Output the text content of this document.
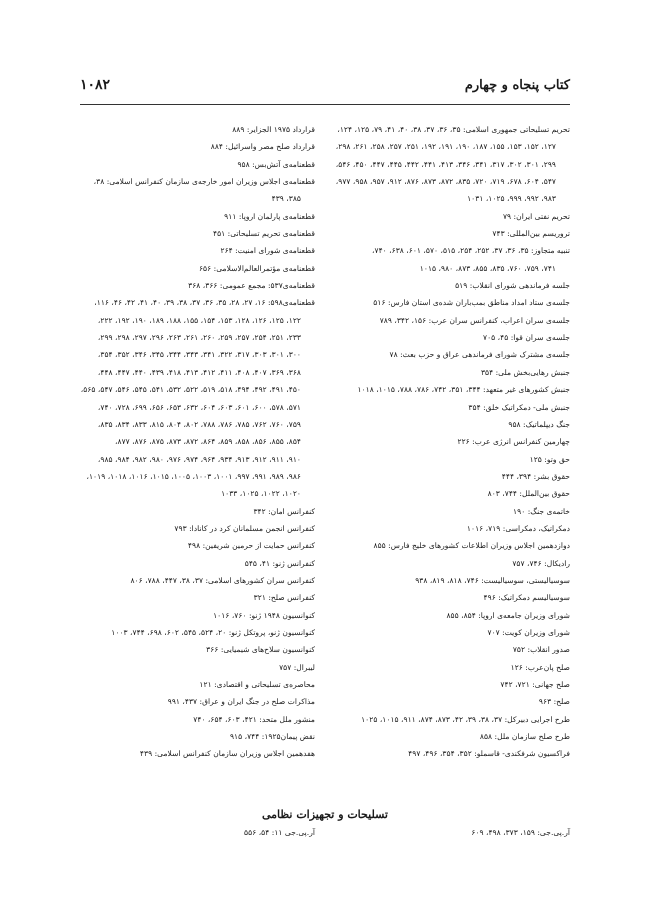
کتاب پنجاه و چهارم
۱۰۸۲
تحریم تسلیحاتی جمهوری اسلامی: ۳۵، ۳۶، ۳۷، ۳۸، ۴۰، ۴۱، ۷۹، ۱۲۵، ۱۲۴،
۱۲۷، ۱۵۲، ۱۵۳، ۱۵۵، ۱۸۷، ۱۹۰، ۱۹۱، ۱۹۲، ۲۵۱، ۲۵۷، ۲۵۸، ۲۶۱، ۲۹۸،
۲۹۹، ۳۰۱، ۳۰۲، ۳۱۷، ۳۴۱، ۳۴۶، ۴۱۳، ۴۴۱، ۴۴۲، ۴۴۵، ۴۴۷، ۴۵۰، ۵۴۶،
۵۴۷، ۶۰۴، ۶۷۸، ۷۱۹، ۷۲۰، ۸۳۵، ۸۷۲، ۸۷۳، ۸۷۶، ۹۱۲، ۹۵۷، ۹۵۸، ۹۷۷،
۹۸۳، ۹۹۲، ۹۹۹، ۱۰۲۵، ۱۰۳۱
تحریم نفتی ایران: ۷۹
تروریسم بین‌المللی: ۷۴۳
تنبیه متجاوز: ۳۵، ۳۶، ۳۷، ۲۵۲، ۲۵۴، ۵۱۵، ۵۷۰، ۶۰۱، ۶۳۸، ۷۴۰،
۷۴۱، ۷۵۹، ۷۶۰، ۸۳۵، ۸۵۵، ۸۷۳، ۹۸۰، ۱۰۱۵
جلسه فرماندهی شورای انقلاب: ۵۱۹
جلسه‌ی ستاد امداد مناطق بمب‌باران شده‌ی استان فارس: ۵۱۶
جلسه‌ی سران اعراب، کنفرانس سران عرب: ۱۵۶، ۳۴۲، ۷۸۹
جلسه‌ی سران قوا: ۴۵، ۷۰۵
جلسه‌ی مشترک شورای فرماندهی عراق و حزب بعث: ۷۸
جنبش رهایی‌بخش ملی: ۳۵۴
جنبش کشورهای غیر متعهد: ۳۴۴، ۳۵۱، ۷۴۲، ۷۸۶، ۷۸۸، ۱۰۱۵، ۱۰۱۸
جنبش ملی- دمکراتیک خلق: ۳۵۴
جنگ دیپلماتیک: ۹۵۸
چهارمین کنفرانس انرژی عرب: ۲۲۶
حق وتو: ۱۲۵
حقوق بشر: ۳۹۴، ۴۴۴
حقوق بین‌الملل: ۷۴۴، ۸۰۳
خاتمه‌ی جنگ: ۱۹۰
دمکراتیک، دمکراسی: ۷۱۹، ۱۰۱۶
دوازدهمین اجلاس وزیران اطلاعات کشورهای خلیج فارس: ۸۵۵
رادیکال: ۷۴۶، ۷۵۷
سوسیالیستی، سوسیالیست: ۷۴۶، ۸۱۸، ۸۱۹، ۹۳۸
سوسیالیسم دمکراتیک: ۴۹۶
شورای وزیران جامعه‌ی اروپا: ۸۵۴، ۸۵۵
شورای وزیران کویت: ۷۰۷
صدور انقلاب: ۷۵۲
صلح پان‌عرب: ۱۲۶
صلح جهانی: ۷۲۱، ۷۴۲
صلح: ۹۶۳
طرح اجرایی دبیرکل: ۳۷، ۳۸، ۳۹، ۴۲، ۸۷۳، ۸۷۴، ۹۱۱، ۱۰۱۵، ۱۰۲۵
طرح صلح سازمان ملل: ۸۵۸
فراکسیون شرفکندی- قاسملو: ۳۵۲، ۳۵۴، ۴۹۶، ۴۹۷
قرارداد ۱۹۷۵ الجزایر: ۸۸۹
قرارداد صلح مصر واسرائیل: ۸۸۴
قطعنامه‌ی آتش‌بس: ۹۵۸
قطعنامه‌ی اجلاس وزیران امور خارجه‌ی سازمان کنفرانس اسلامی: ۳۸،
۳۸۵، ۴۳۹
قطعنامه‌ی پارلمان اروپا: ۹۱۱
قطعنامه‌ی تحریم تسلیحاتی: ۴۵۱
قطعنامه‌ی شورای امنیت: ۲۶۴
قطعنامه‌ی مؤتمرالعالم‌الاسلامی: ۶۵۶
قطعنامه‌ی۵۳۷: مجمع عمومی: ۳۶۶، ۳۶۸
قطعنامه‌ی۵۹۸: ۱۶، ۲۷، ۲۸، ۳۵، ۳۶، ۳۷، ۳۸، ۳۹، ۴۰، ۴۱، ۴۲، ۴۶، ۱۱۶،
۱۲۲، ۱۲۵، ۱۲۶، ۱۲۸، ۱۵۳، ۱۵۴، ۱۵۵، ۱۸۸، ۱۸۹، ۱۹۰، ۱۹۲، ۲۲۲،
۲۳۳، ۲۵۱، ۲۵۴، ۲۵۷، ۲۵۹، ۲۶۰، ۲۶۱، ۲۶۳، ۲۹۶، ۲۹۷، ۲۹۸، ۲۹۹،
۳۰۰، ۳۰۱، ۳۰۳، ۳۱۷، ۳۲۲، ۳۴۱، ۳۴۳، ۳۴۴، ۳۴۵، ۳۴۶، ۳۵۲، ۳۵۴،
۳۶۸، ۳۶۹، ۴۰۷، ۴۰۸، ۴۱۱، ۴۱۲، ۴۱۳، ۴۱۸، ۴۳۹، ۴۴۰، ۴۴۷، ۴۴۸،
۴۵۰، ۴۹۱، ۴۹۲، ۴۹۴، ۵۱۸، ۵۱۹، ۵۲۲، ۵۳۲، ۵۴۱، ۵۴۵، ۵۴۶، ۵۴۷، ۵۶۵،
۵۷۱، ۵۷۸، ۶۰۰، ۶۰۱، ۶۰۳، ۶۰۴، ۶۳۲، ۶۵۳، ۶۵۶، ۶۹۹، ۷۲۸، ۷۴۰،
۷۵۹، ۷۶۰، ۷۶۲، ۷۸۵، ۷۸۶، ۷۸۸، ۸۰۲، ۸۰۴، ۸۱۵، ۸۳۳، ۸۳۴، ۸۳۵،
۸۵۴، ۸۵۵، ۸۵۶، ۸۵۸، ۸۵۹، ۸۶۴، ۸۷۲، ۸۷۳، ۸۷۵، ۸۷۶، ۸۷۷،
۹۱۰، ۹۱۱، ۹۱۲، ۹۱۳، ۹۳۴، ۹۶۴، ۹۷۴، ۹۷۶، ۹۸۰، ۹۸۲، ۹۸۴، ۹۸۵،
۹۸۶، ۹۸۹، ۹۹۱، ۹۹۷، ۱۰۰۱، ۱۰۰۳، ۱۰۰۵، ۱۰۱۵، ۱۰۱۶، ۱۰۱۸، ۱۰۱۹،
۱۰۲۰، ۱۰۲۲، ۱۰۲۵، ۱۰۳۳
کنفرانس امان: ۳۴۲
کنفرانس انجمن مسلمانان کرد در کانادا: ۷۹۳
کنفرانس حمایت از حرمین شریفین: ۴۹۸
کنفرانس ژنو: ۴۱، ۵۴۵
کنفرانس سران کشورهای اسلامی: ۳۷، ۳۸، ۴۴۷، ۷۸۸، ۸۰۶
کنفرانس صلح: ۳۲۱
کنوانسیون ۱۹۴۸ ژنو: ۷۶۰، ۱۰۱۶
کنوانسیون ژنو، پروتکل ژنو: ۲۰، ۵۲۴، ۵۴۵، ۶۰۲، ۶۹۸، ۷۴۴، ۱۰۰۳
کنوانسیون سلاح‌های شیمیایی: ۳۶۶
لیبرال: ۷۵۷
محاصره‌ی تسلیحاتی و اقتصادی: ۱۲۱
مذاکرات صلح در جنگ ایران و عراق: ۴۳۷، ۹۹۱
منشور ملل متحد: ۴۲۱، ۶۰۳، ۶۵۴، ۷۴۰
نقض پیمان۱۹۲۵: ۷۴۴، ۹۱۵
هفدهمین اجلاس وزیران سازمان کنفرانس اسلامی: ۴۳۹
تسلیحات و تجهیزات نظامی
آر.پی.جی: ۱۵۹، ۳۷۳، ۴۹۸، ۶۰۹
آر.پی.جی ۱۱: ۵۴، ۵۵۶
